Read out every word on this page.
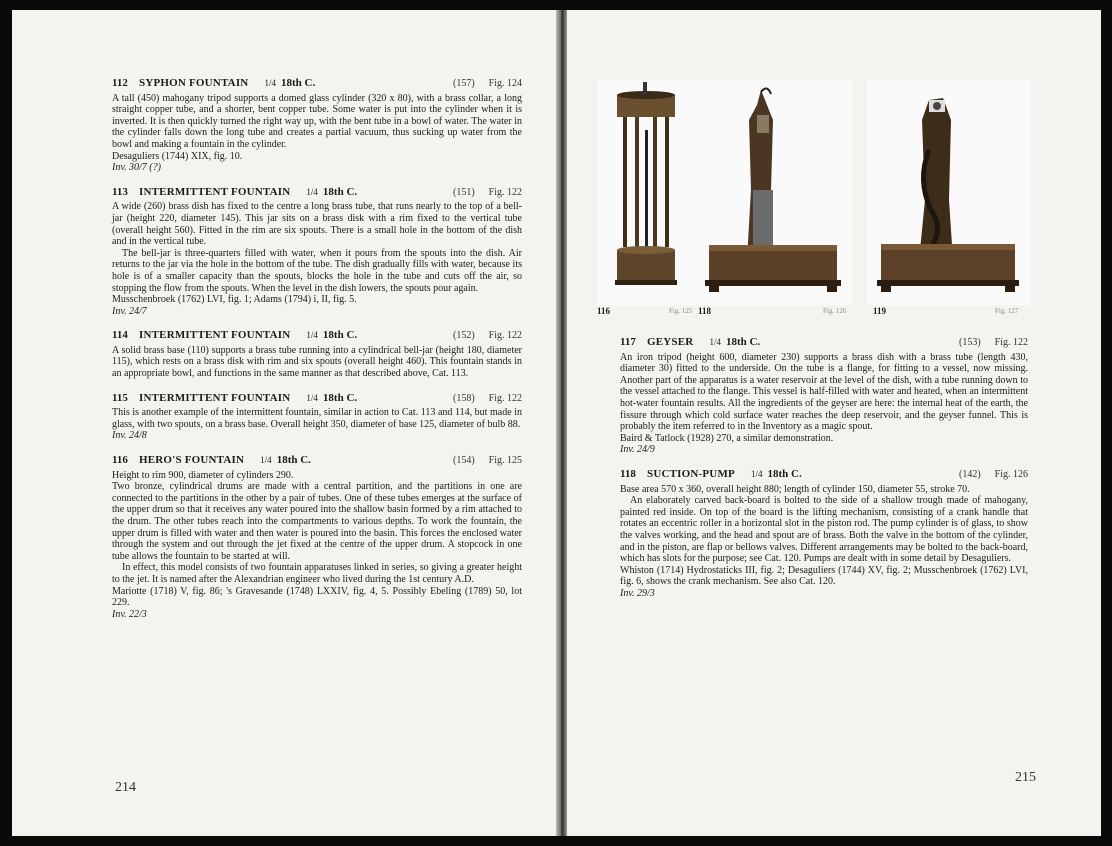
112	SYPHON FOUNTAIN 1/4 18th C.	(157) Fig. 124

A tall (450) mahogany tripod supports a domed glass cylinder (320 x 80), with a brass collar, a long straight copper tube, and a shorter, bent copper tube. Some water is put into the cylinder when it is inverted. It is then quickly turned the right way up, with the bent tube in a bowl of water. The water in the cylinder falls down the long tube and creates a partial vacuum, thus sucking up water from the bowl and making a fountain in the cylinder.

Desaguliers (1744) XIX, fig. 10.

Inv. 30/7 (?)

113	INTERMITTENT FOUNTAIN 1/4 18th C.	(151) Fig. 122

A wide (260) brass dish has fixed to the centre a long brass tube, that runs nearly to the top of a bell-jar (height 220, diameter 145). This jar sits on a brass disk with a rim fixed to the vertical tube (overall height 560). Fitted in the rim are six spouts. There is a small hole in the bottom of the dish and in the vertical tube.

The bell-jar is three-quarters filled with water, when it pours from the spouts into the dish. Air returns to the jar via the hole in the bottom of the tube. The dish gradually fills with water, because its hole is of a smaller capacity than the spouts, blocks the hole in the tube and cuts off the air, so stopping the flow from the spouts. When the level in the dish lowers, the spouts pour again.

Musschenbroek (1762) LVI, fig. 1; Adams (1794) i, II, fig. 5.

Inv. 24/7

114	INTERMITTENT FOUNTAIN 1/4 18th C.	(152) Fig. 122

A solid brass base (110) supports a brass tube running into a cylindrical bell-jar (height 180, diameter 115), which rests on a brass disk with rim and six spouts (overall height 460). This fountain stands in an appropriate bowl, and functions in the same manner as that described above, Cat. 113.

115	INTERMITTENT FOUNTAIN 1/4 18th C.	(158) Fig. 122

This is another example of the intermittent fountain, similar in action to Cat. 113 and 114, but made in glass, with two spouts, on a brass base. Overall height 350, diameter of base 125, diameter of bulb 88.

Inv. 24/8

116	HERO'S FOUNTAIN 1/4 18th C.	(154) Fig. 125

Height to rim 900, diameter of cylinders 290.

Two bronze, cylindrical drums are made with a central partition, and the partitions in one are connected to the partitions in the other by a pair of tubes. One of these tubes emerges at the surface of the upper drum so that it receives any water poured into the shallow basin formed by a rim attached to the drum. The other tubes reach into the compartments to various depths. To work the fountain, the upper drum is filled with water and then water is poured into the basin. This forces the enclosed water through the system and out through the jet fixed at the centre of the upper drum. A stopcock in one tube allows the fountain to be started at will.

In effect, this model consists of two fountain apparatuses linked in series, so giving a greater height to the jet. It is named after the Alexandrian engineer who lived during the 1st century A.D.

Mariotte (1718) V, fig. 86; 's Gravesande (1748) LXXIV, fig. 4, 5. Possibly Ebeling (1789) 50, lot 229.

Inv. 22/3

214
116	Fig. 125 118	Fig. 126	119	Fig. 127
117	GEYSER 1/4 18th C.	(153) Fig. 122

An iron tripod (height 600, diameter 230) supports a brass dish with a brass tube (length 430, diameter 30) fitted to the underside. On the tube is a flange, for fitting to a vessel, now missing. Another part of the apparatus is a water reservoir at the level of the dish, with a tube running down to the vessel attached to the flange. This vessel is half-filled with water and heated, when an intermittent hot-water fountain results. All the ingredients of the geyser are here: the internal heat of the earth, the fissure through which cold surface water reaches the deep reservoir, and the geyser funnel. This is probably the item referred to in the Inventory as a magic spout.

Baird & Tatlock (1928) 270, a similar demonstration.

Inv. 24/9

118	SUCTION-PUMP 1/4 18th C.	(142) Fig. 126

Base area 570 x 360, overall height 880; length of cylinder 150, diameter 55, stroke 70.

An elaborately carved back-board is bolted to the side of a shallow trough made of mahogany, painted red inside. On top of the board is the lifting mechanism, consisting of a crank handle that rotates an eccentric roller in a horizontal slot in the piston rod. The pump cylinder is of glass, to show the valves working, and the head and spout are of brass. Both the valve in the bottom of the cylinder, and in the piston, are flap or bellows valves. Different arrangements may be bolted to the back-board, which has slots for the purpose; see Cat. 120. Pumps are dealt with in some detail by Desaguliers.

Whiston (1714) Hydrostaticks III, fig. 2; Desaguliers (1744) XV, fig. 2; Musschenbroek (1762) LVI, fig. 6, shows the crank mechanism. See also Cat. 120.

Inv. 29/3

215
